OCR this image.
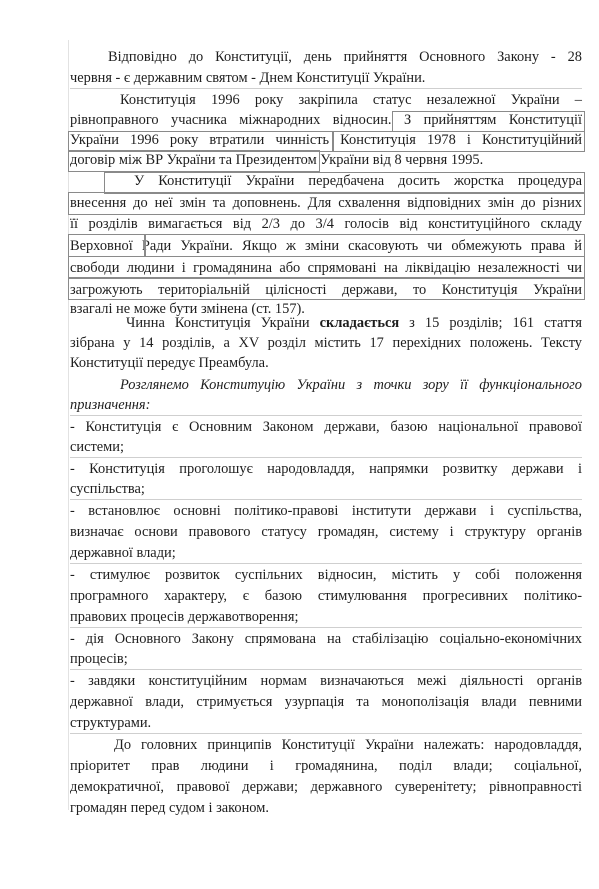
Відповідно до Конституції, день прийняття Основного Закону - 28
червня - є державним святом - Днем Конституції України.
Конституція 1996 року закріпила статус незалежної України –
рівноправного учасника міжнародних відносин. З прийняттям Конституції
України 1996 року втратили чинність Конституція 1978 і Конституційний
договір між ВР України та Президентом України від 8 червня 1995.
У Конституції України передбачена досить жорстка процедура
внесення до неї змін та доповнень. Для схвалення відповідних змін до різних
її розділів вимагається від 2/3 до 3/4 голосів від конституційного складу
Верховної Ради України. Якщо ж зміни скасовують чи обмежують права й
свободи людини і громадянина або спрямовані на ліквідацію незалежності чи
загрожують територіальній цілісності держави, то Конституція України
взагалі не може бути змінена (ст. 157).
Чинна Конституція України складається з 15 розділів; 161 стаття
зібрана у 14 розділів, а XV розділ містить 17 перехідних положень. Тексту
Конституції передує Преамбула.
Розглянемо Конституцію України з точки зору її функціонального
призначення:
- Конституція є Основним Законом держави, базою національної правової
системи;
- Конституція проголошує народовладдя, напрямки розвитку держави і
суспільства;
- встановлює основні політико-правові інститути держави і суспільства,
визначає основи правового статусу громадян, систему і структуру органів
державної влади;
- стимулює розвиток суспільних відносин, містить у собі положення
програмного характеру, є базою стимулювання прогресивних політико-
правових процесів державотворення;
- дія Основного Закону спрямована на стабілізацію соціально-економічних
процесів;
- завдяки конституційним нормам визначаються межі діяльності органів
державної влади, стримується узурпація та монополізація влади певними
структурами.
До головних принципів Конституції України належать: народовладдя,
пріоритет прав людини і громадянина, поділ влади; соціальної,
демократичної, правової держави; державного суверенітету; рівноправності
громадян перед судом і законом.
